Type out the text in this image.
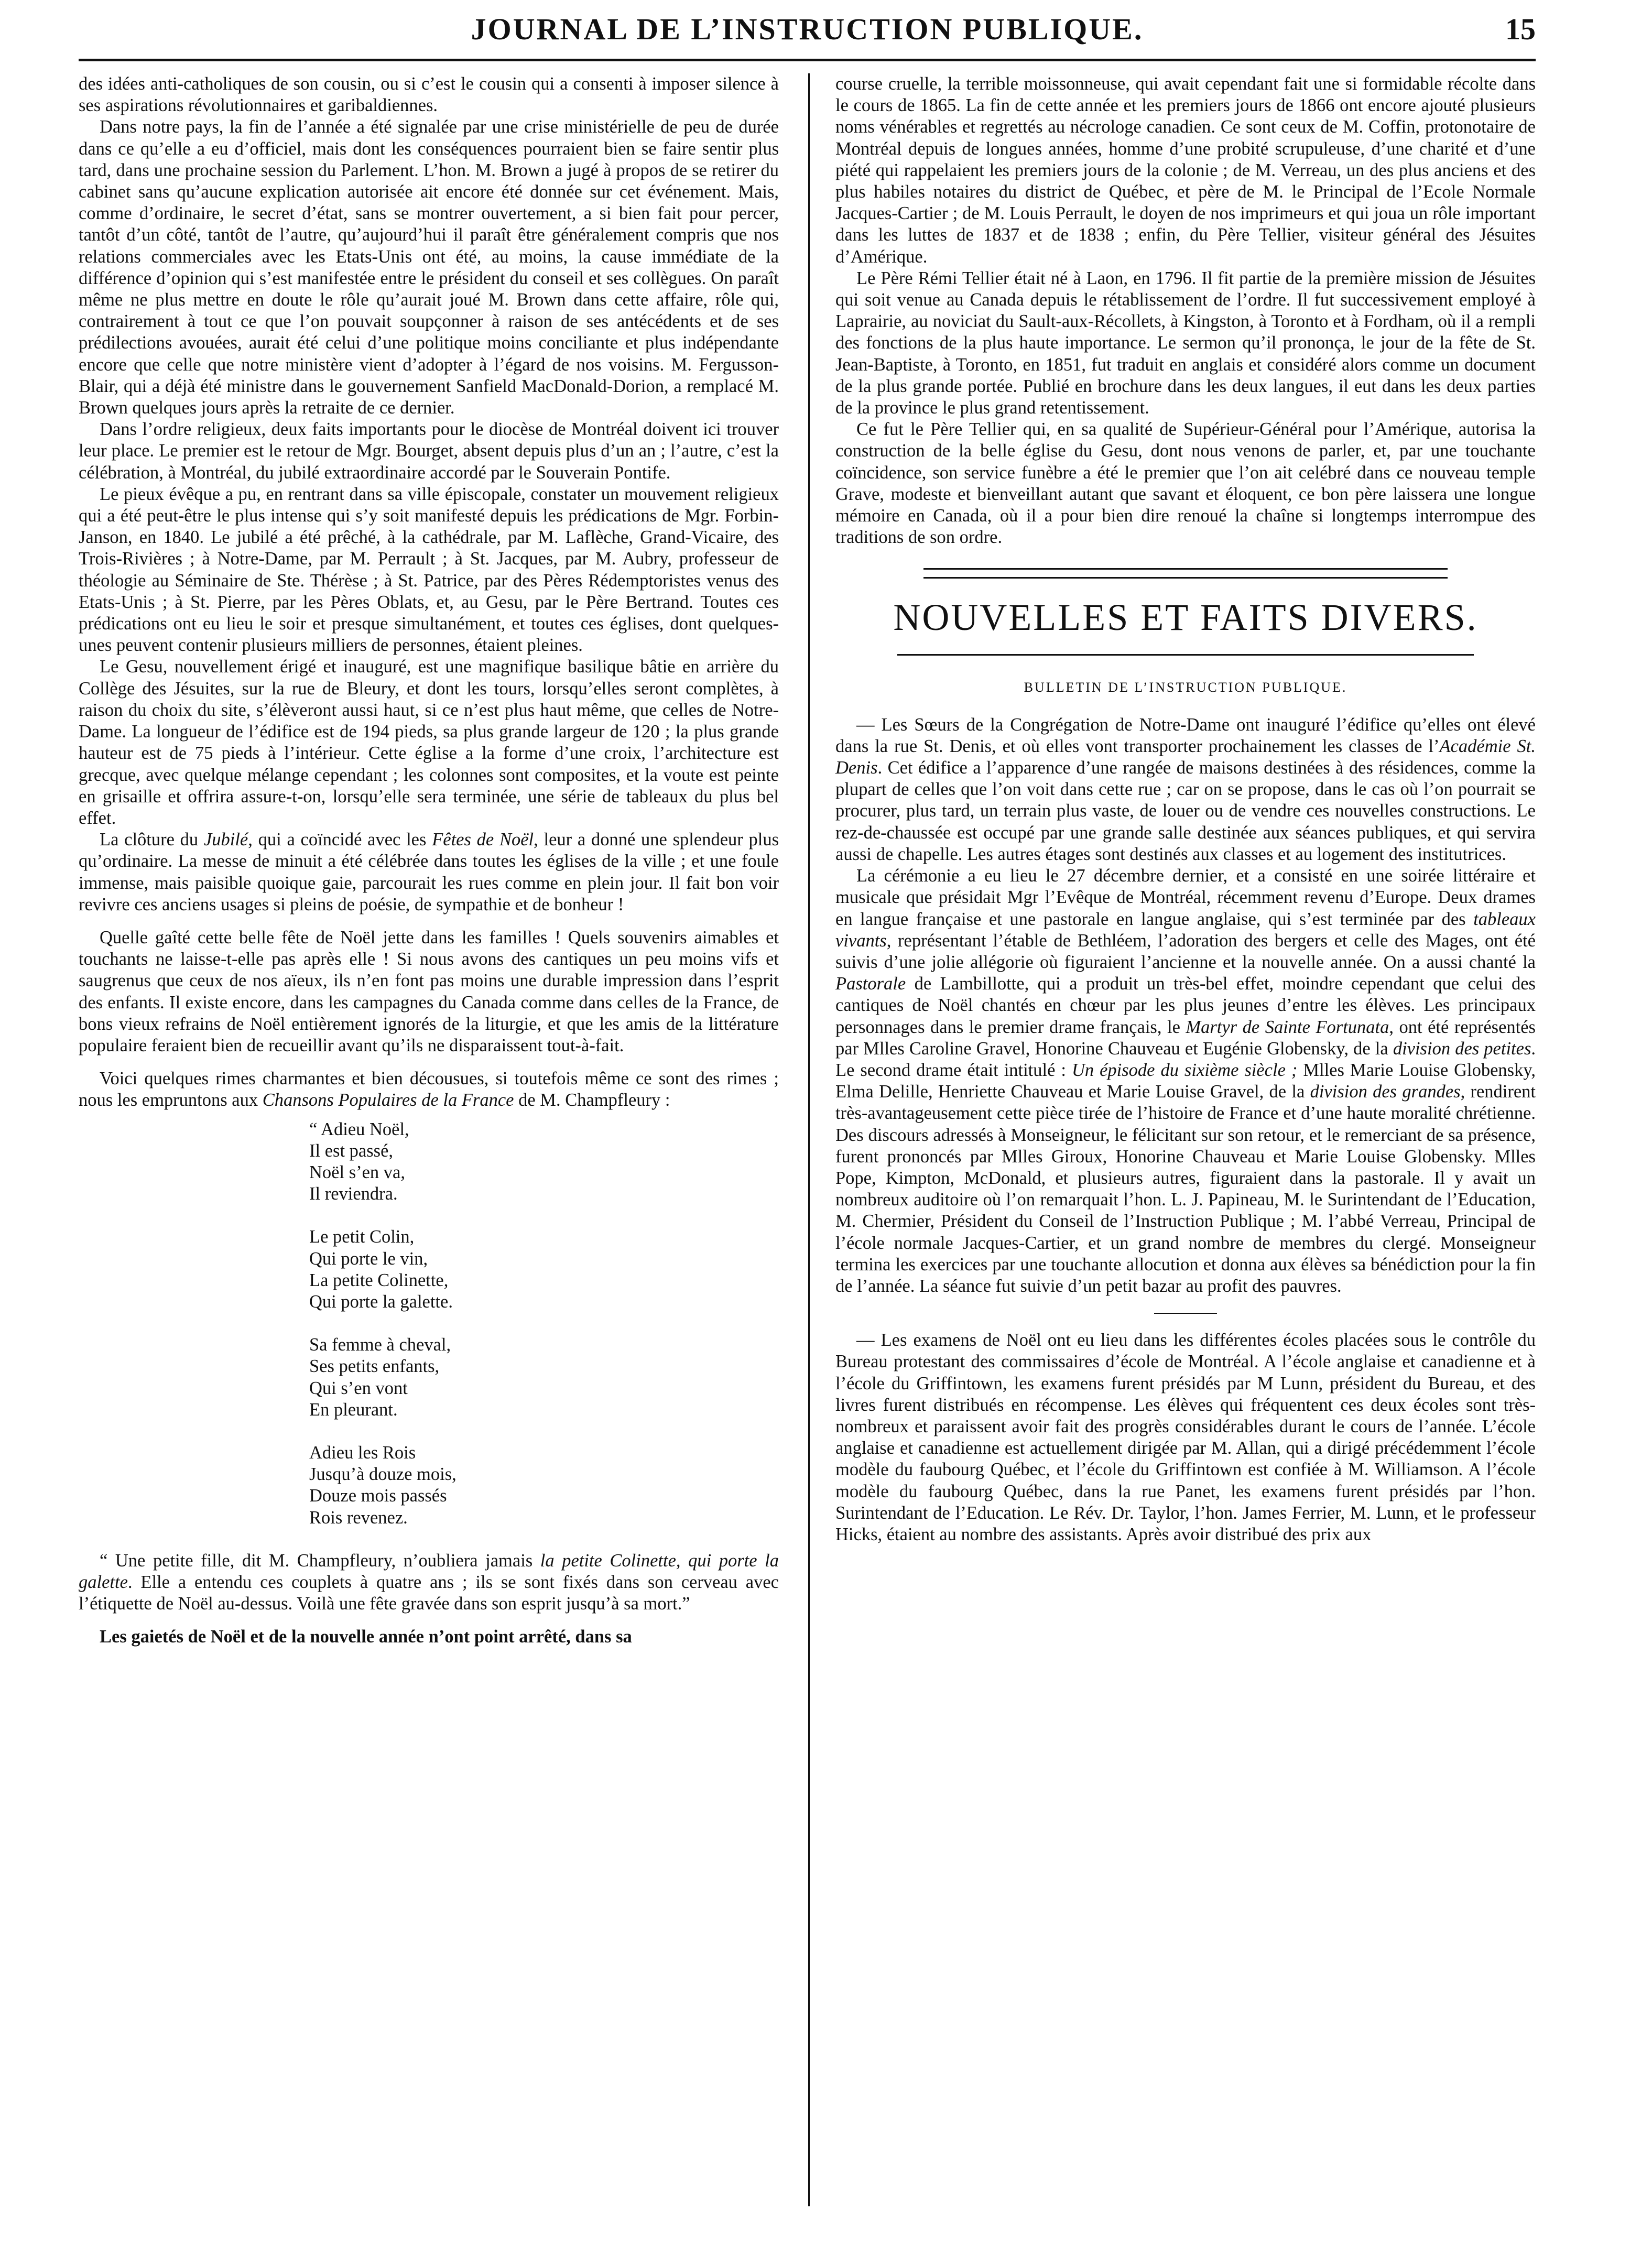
JOURNAL DE L’INSTRUCTION PUBLIQUE.	15

des idées anti-catholiques de son cousin, ou si c’est le cousin qui a consenti à imposer silence à ses aspirations révolutionnaires et garibaldiennes.

Dans notre pays, la fin de l’année a été signalée par une crise ministérielle de peu de durée dans ce qu’elle a eu d’officiel, mais dont les conséquences pourraient bien se faire sentir plus tard, dans une prochaine session du Parlement. L’hon. M. Brown a jugé à propos de se retirer du cabinet sans qu’aucune explication autorisée ait encore été donnée sur cet événement. Mais, comme d’ordinaire, le secret d’état, sans se montrer ouvertement, a si bien fait pour percer, tantôt d’un côté, tantôt de l’autre, qu’aujourd’hui il paraît être généralement compris que nos relations commerciales avec les Etats-Unis ont été, au moins, la cause immédiate de la différence d’opinion qui s’est manifestée entre le président du conseil et ses collègues. On paraît même ne plus mettre en doute le rôle qu’aurait joué M. Brown dans cette affaire, rôle qui, contrairement à tout ce que l’on pouvait soupçonner à raison de ses antécédents et de ses prédilections avouées, aurait été celui d’une politique moins conciliante et plus indépendante encore que celle que notre ministère vient d’adopter à l’égard de nos voisins. M. Fergusson-Blair, qui a déjà été ministre dans le gouvernement Sanfield MacDonald-Dorion, a remplacé M. Brown quelques jours après la retraite de ce dernier.

Dans l’ordre religieux, deux faits importants pour le diocèse de Montréal doivent ici trouver leur place. Le premier est le retour de Mgr. Bourget, absent depuis plus d’un an ; l’autre, c’est la célébration, à Montréal, du jubilé extraordinaire accordé par le Souverain Pontife.

Le pieux évêque a pu, en rentrant dans sa ville épiscopale, constater un mouvement religieux qui a été peut-être le plus intense qui s’y soit manifesté depuis les prédications de Mgr. Forbin-Janson, en 1840. Le jubilé a été prêché, à la cathédrale, par M. Laflèche, Grand-Vicaire, des Trois-Rivières ; à Notre-Dame, par M. Perrault ; à St. Jacques, par M. Aubry, professeur de théologie au Séminaire de Ste. Thérèse ; à St. Patrice, par des Pères Rédemptoristes venus des Etats-Unis ; à St. Pierre, par les Pères Oblats, et, au Gesu, par le Père Bertrand. Toutes ces prédications ont eu lieu le soir et presque simultanément, et toutes ces églises, dont quelques-unes peuvent contenir plusieurs milliers de personnes, étaient pleines.

Le Gesu, nouvellement érigé et inauguré, est une magnifique basilique bâtie en arrière du Collège des Jésuites, sur la rue de Bleury, et dont les tours, lorsqu’elles seront complètes, à raison du choix du site, s’élèveront aussi haut, si ce n’est plus haut même, que celles de Notre-Dame. La longueur de l’édifice est de 194 pieds, sa plus grande largeur de 120 ; la plus grande hauteur est de 75 pieds à l’intérieur. Cette église a la forme d’une croix, l’architecture est grecque, avec quelque mélange cependant ; les colonnes sont composites, et la voute est peinte en grisaille et offrira assure-t-on, lorsqu’elle sera terminée, une série de tableaux du plus bel effet.

La clôture du Jubilé, qui a coïncidé avec les Fêtes de Noël, leur a donné une splendeur plus qu’ordinaire. La messe de minuit a été célébrée dans toutes les églises de la ville ; et une foule immense, mais paisible quoique gaie, parcourait les rues comme en plein jour. Il fait bon voir revivre ces anciens usages si pleins de poésie, de sympathie et de bonheur !

Quelle gaîté cette belle fête de Noël jette dans les familles ! Quels souvenirs aimables et touchants ne laisse-t-elle pas après elle ! Si nous avons des cantiques un peu moins vifs et saugrenus que ceux de nos aïeux, ils n’en font pas moins une durable impression dans l’esprit des enfants. Il existe encore, dans les campagnes du Canada comme dans celles de la France, de bons vieux refrains de Noël entièrement ignorés de la liturgie, et que les amis de la littérature populaire feraient bien de recueillir avant qu’ils ne disparaissent tout-à-fait.

Voici quelques rimes charmantes et bien décousues, si toutefois même ce sont des rimes ; nous les empruntons aux Chansons Populaires de la France de M. Champfleury :

“ Adieu Noël,
Il est passé,
Noël s’en va,
Il reviendra.
Le petit Colin,
Qui porte le vin,
La petite Colinette,
Qui porte la galette.
Sa femme à cheval,
Ses petits enfants,
Qui s’en vont
En pleurant.
Adieu les Rois
Jusqu’à douze mois,
Douze mois passés
Rois revenez.

“ Une petite fille, dit M. Champfleury, n’oubliera jamais la petite Colinette, qui porte la galette. Elle a entendu ces couplets à quatre ans ; ils se sont fixés dans son cerveau avec l’étiquette de Noël au-dessus. Voilà une fête gravée dans son esprit jusqu’à sa mort.”

Les gaietés de Noël et de la nouvelle année n’ont point arrêté, dans sa

course cruelle, la terrible moissonneuse, qui avait cependant fait une si formidable récolte dans le cours de 1865. La fin de cette année et les premiers jours de 1866 ont encore ajouté plusieurs noms vénérables et regrettés au nécrologe canadien. Ce sont ceux de M. Coffin, protonotaire de Montréal depuis de longues années, homme d’une probité scrupuleuse, d’une charité et d’une piété qui rappelaient les premiers jours de la colonie ; de M. Verreau, un des plus anciens et des plus habiles notaires du district de Québec, et père de M. le Principal de l’Ecole Normale Jacques-Cartier ; de M. Louis Perrault, le doyen de nos imprimeurs et qui joua un rôle important dans les luttes de 1837 et de 1838 ; enfin, du Père Tellier, visiteur général des Jésuites d’Amérique.

Le Père Rémi Tellier était né à Laon, en 1796. Il fit partie de la première mission de Jésuites qui soit venue au Canada depuis le rétablissement de l’ordre. Il fut successivement employé à Laprairie, au noviciat du Sault-aux-Récollets, à Kingston, à Toronto et à Fordham, où il a rempli des fonctions de la plus haute importance. Le sermon qu’il prononça, le jour de la fête de St. Jean-Baptiste, à Toronto, en 1851, fut traduit en anglais et considéré alors comme un document de la plus grande portée. Publié en brochure dans les deux langues, il eut dans les deux parties de la province le plus grand retentissement.

Ce fut le Père Tellier qui, en sa qualité de Supérieur-Général pour l’Amérique, autorisa la construction de la belle église du Gesu, dont nous venons de parler, et, par une touchante coïncidence, son service funèbre a été le premier que l’on ait celébré dans ce nouveau temple Grave, modeste et bienveillant autant que savant et éloquent, ce bon père laissera une longue mémoire en Canada, où il a pour bien dire renoué la chaîne si longtemps interrompue des traditions de son ordre.

NOUVELLES ET FAITS DIVERS.
BULLETIN DE L’INSTRUCTION PUBLIQUE.

— Les Sœurs de la Congrégation de Notre-Dame ont inauguré l’édifice qu’elles ont élevé dans la rue St. Denis, et où elles vont transporter prochainement les classes de l’Académie St. Denis. Cet édifice a l’apparence d’une rangée de maisons destinées à des résidences, comme la plupart de celles que l’on voit dans cette rue ; car on se propose, dans le cas où l’on pourrait se procurer, plus tard, un terrain plus vaste, de louer ou de vendre ces nouvelles constructions. Le rez-de-chaussée est occupé par une grande salle destinée aux séances publiques, et qui servira aussi de chapelle. Les autres étages sont destinés aux classes et au logement des institutrices.

La cérémonie a eu lieu le 27 décembre dernier, et a consisté en une soirée littéraire et musicale que présidait Mgr l’Evêque de Montréal, récemment revenu d’Europe. Deux drames en langue française et une pastorale en langue anglaise, qui s’est terminée par des tableaux vivants, représentant l’étable de Bethléem, l’adoration des bergers et celle des Mages, ont été suivis d’une jolie allégorie où figuraient l’ancienne et la nouvelle année. On a aussi chanté la Pastorale de Lambillotte, qui a produit un très-bel effet, moindre cependant que celui des cantiques de Noël chantés en chœur par les plus jeunes d’entre les élèves. Les principaux personnages dans le premier drame français, le Martyr de Sainte Fortunata, ont été représentés par Mlles Caroline Gravel, Honorine Chauveau et Eugénie Globensky, de la division des petites. Le second drame était intitulé : Un épisode du sixième siècle ; Mlles Marie Louise Globensky, Elma Delille, Henriette Chauveau et Marie Louise Gravel, de la division des grandes, rendirent très-avantageusement cette pièce tirée de l’histoire de France et d’une haute moralité chrétienne. Des discours adressés à Monseigneur, le félicitant sur son retour, et le remerciant de sa présence, furent prononcés par Mlles Giroux, Honorine Chauveau et Marie Louise Globensky. Mlles Pope, Kimpton, McDonald, et plusieurs autres, figuraient dans la pastorale. Il y avait un nombreux auditoire où l’on remarquait l’hon. L. J. Papineau, M. le Surintendant de l’Education, M. Chermier, Président du Conseil de l’Instruction Publique ; M. l’abbé Verreau, Principal de l’école normale Jacques-Cartier, et un grand nombre de membres du clergé. Monseigneur termina les exercices par une touchante allocution et donna aux élèves sa bénédiction pour la fin de l’année. La séance fut suivie d’un petit bazar au profit des pauvres.

— Les examens de Noël ont eu lieu dans les différentes écoles placées sous le contrôle du Bureau protestant des commissaires d’école de Montréal. A l’école anglaise et canadienne et à l’école du Griffintown, les examens furent présidés par M Lunn, président du Bureau, et des livres furent distribués en récompense. Les élèves qui fréquentent ces deux écoles sont très-nombreux et paraissent avoir fait des progrès considérables durant le cours de l’année. L’école anglaise et canadienne est actuellement dirigée par M. Allan, qui a dirigé précédemment l’école modèle du faubourg Québec, et l’école du Griffintown est confiée à M. Williamson. A l’école modèle du faubourg Québec, dans la rue Panet, les examens furent présidés par l’hon. Surintendant de l’Education. Le Rév. Dr. Taylor, l’hon. James Ferrier, M. Lunn, et le professeur Hicks, étaient au nombre des assistants. Après avoir distribué des prix aux
